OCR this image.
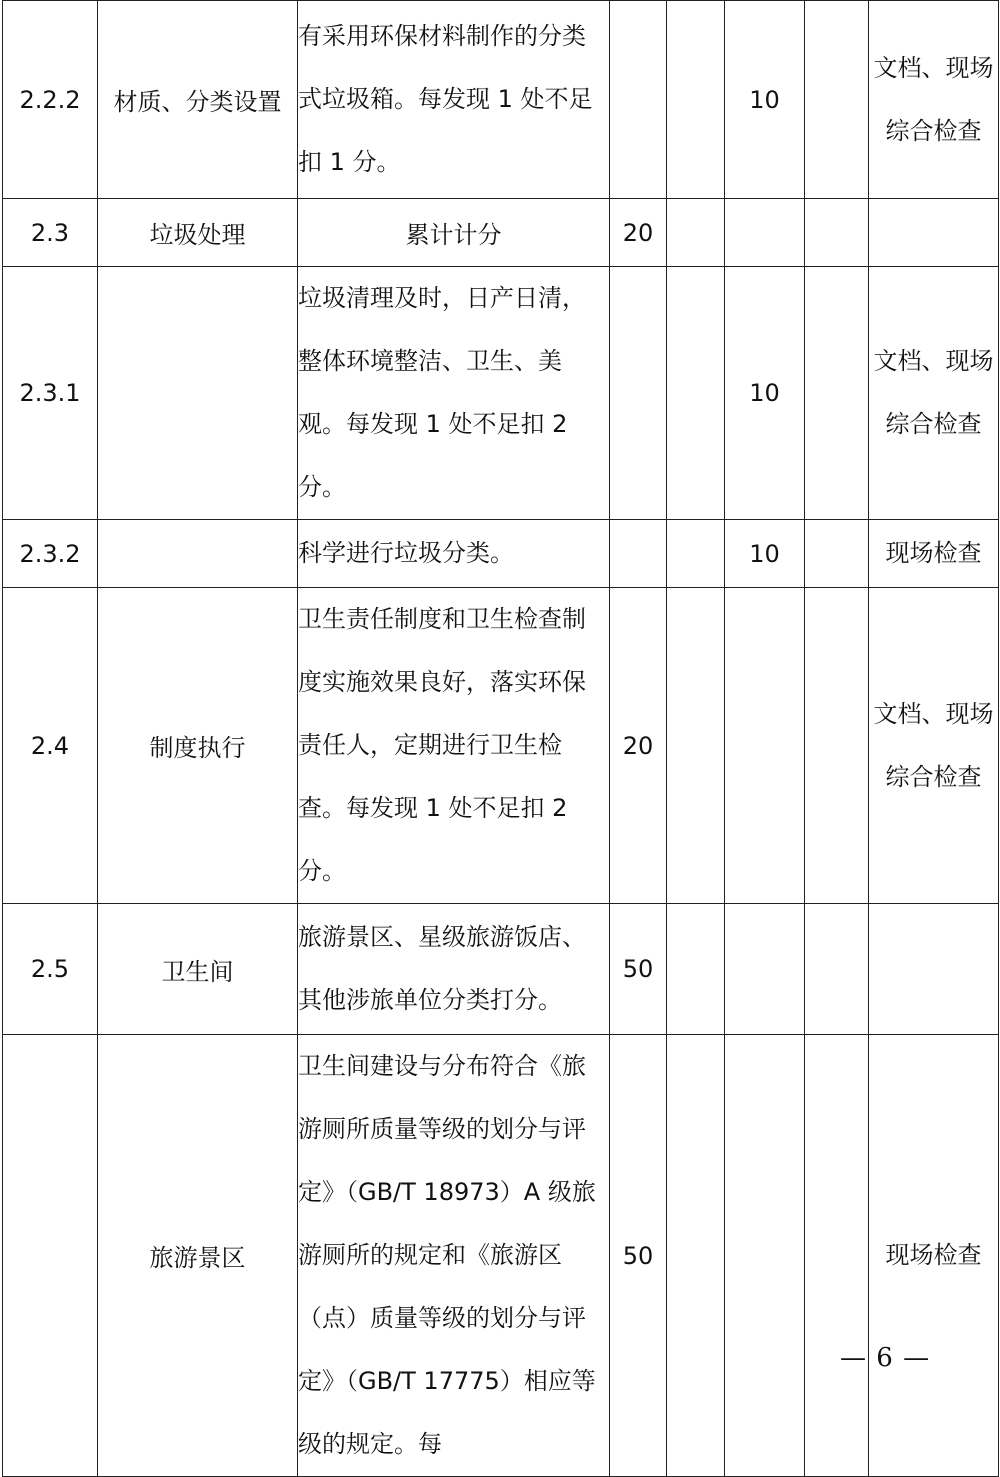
2.2.2	材质、分类设置	有采用环保材料制作的分类式垃圾箱。每发现 1 处不足扣 1 分。			10		文档、现场综合检查
2.3	垃圾处理	累计计分	20				
2.3.1		垃圾清理及时，日产日清，整体环境整洁、卫生、美观。每发现 1 处不足扣 2 分。			10		文档、现场综合检查
2.3.2		科学进行垃圾分类。			10		现场检查
2.4	制度执行	卫生责任制度和卫生检查制度实施效果良好，落实环保责任人，定期进行卫生检查。每发现 1 处不足扣 2 分。	20				文档、现场综合检查
2.5	卫生间	旅游景区、星级旅游饭店、其他涉旅单位分类打分。	50				
	旅游景区	卫生间建设与分布符合《旅游厕所质量等级的划分与评定》（GB/T 18973）A 级旅游厕所的规定和《旅游区（点）质量等级的划分与评定》（GB/T 17775）相应等级的规定。每	50				现场检查
— 6 —
